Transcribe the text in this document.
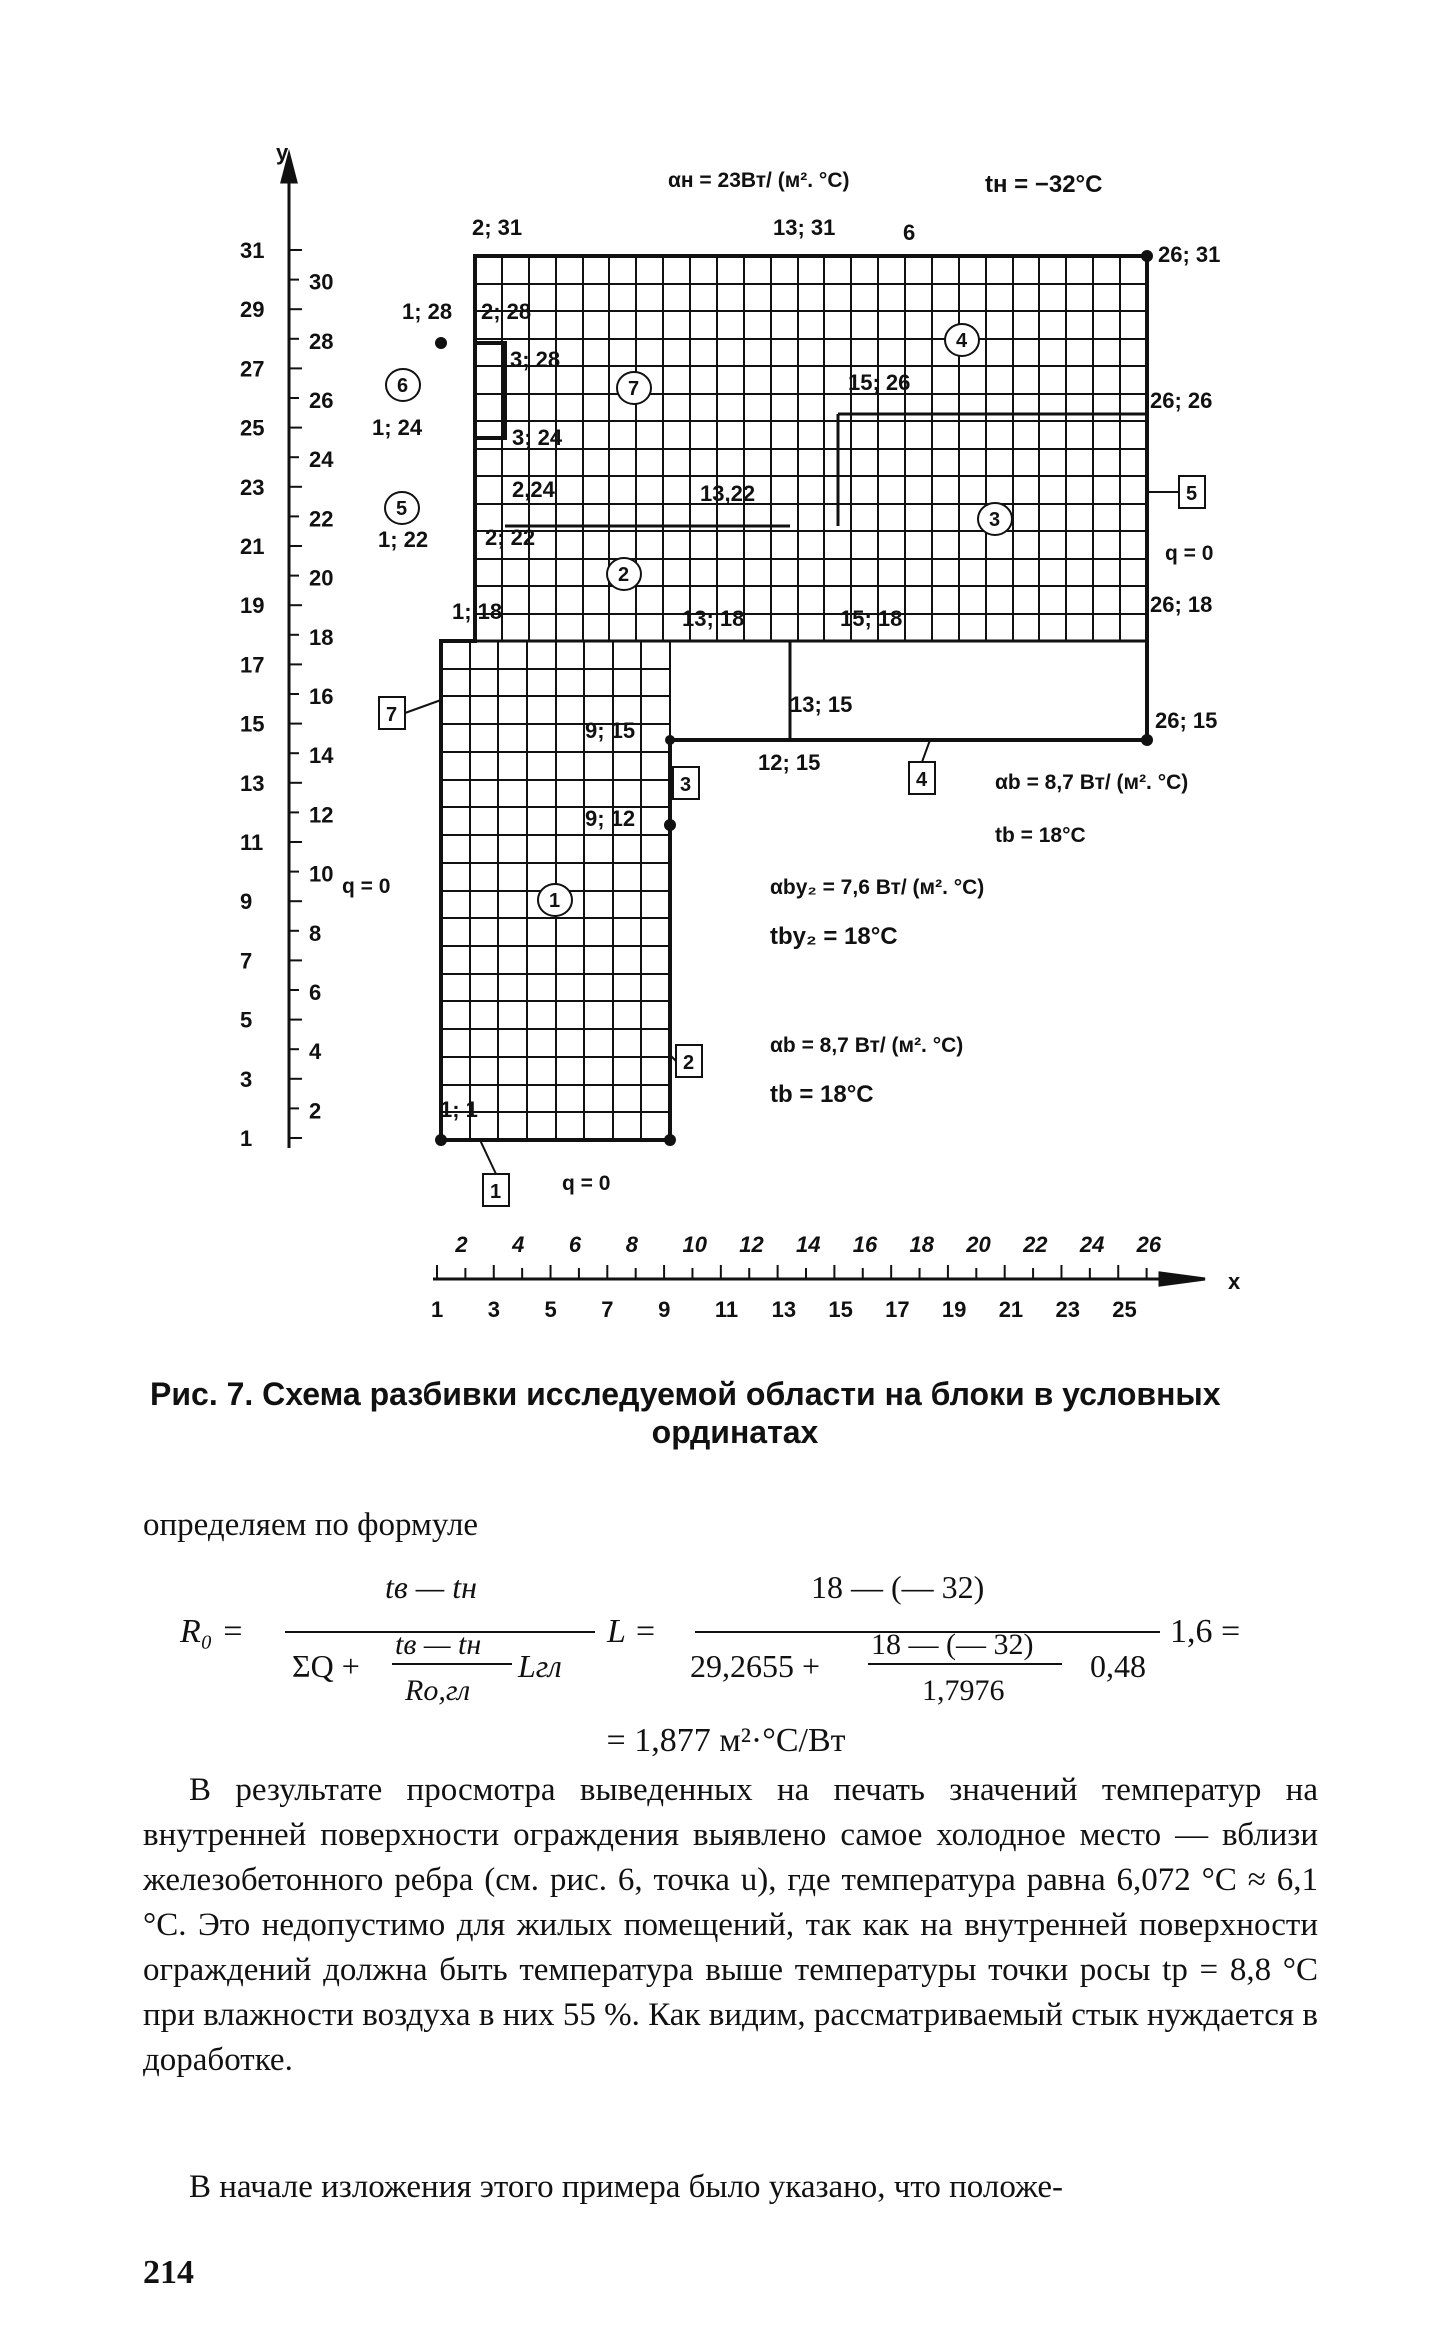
y
x
31
29
27
25
23
21
19
17
15
13
11
9
7
5
3
1
30
28
26
24
22
20
18
16
14
12
10
8
6
4
2
1 3 5 7 9 11 13 15 17 19 21 23 25
2 4 6 8 10 12 14 16 18 20 22 24 26
αн = 23Вт/ (м². °С)	tн = −32°С
2; 31	13; 31	6
26; 31
1; 28 2; 28
3; 28
15; 26
26; 26
1; 24	3; 24
2,24	13,22
1; 22	2; 22
26; 18
1; 18	13; 18	15; 18
13; 15
9; 15	26; 15
12; 15
9; 12
1; 1
q = 0
q = 0
q = 0
6	7
4
5	3
2
1
5
7
3	4
2
1
αb = 8,7 Вт/ (м². °С)
tb = 18°С
αby₂ = 7,6 Вт/ (м². °С)
tby₂ = 18°С
αb = 8,7 Вт/ (м². °С)
tb = 18°С
Рис. 7. Схема разбивки исследуемой области на блоки в условных
ординатах
определяем по формуле
R₀ =
tв — tн
ΣQ +
tв — tн
Rо,гл
Lгл
L =
18 — (— 32)
29,2655 +
18 — (— 32)
1,7976
0,48
1,6 =
= 1,877 м²·°С/Вт
В результате просмотра выведенных на печать значений температур на внутренней поверхности ограждения выявлено самое холодное место — вблизи железобетонного ребра (см. рис. 6, точка u), где температура равна 6,072 °С ≈ 6,1 °С. Это недопустимо для жилых помещений, так как на внутренней поверхности ограждений должна быть температура выше температуры точки росы tр = 8,8 °С при влажности воздуха в них 55 %. Как видим, рассматриваемый стык нуждается в доработке.
В начале изложения этого примера было указано, что положе-
214
